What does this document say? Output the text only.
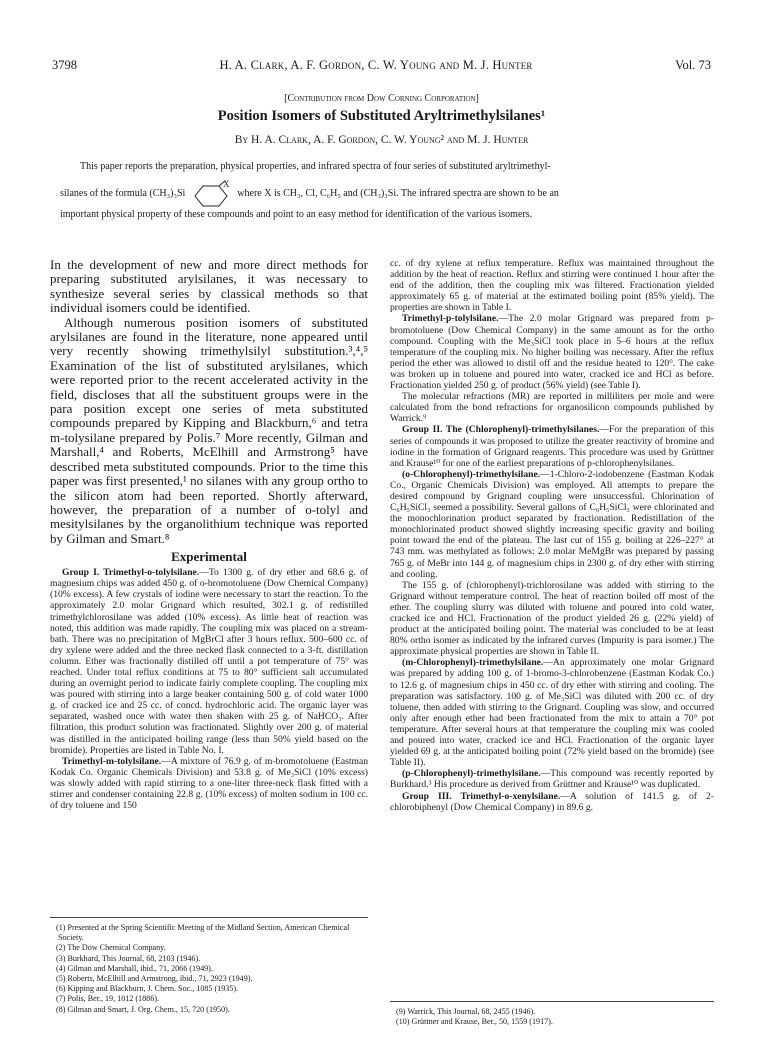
3798	H. A. Clark, A. F. Gordon, C. W. Young and M. J. Hunter	Vol. 73
[Contribution from Dow Corning Corporation]
Position Isomers of Substituted Aryltrimethylsilanes¹
By H. A. Clark, A. F. Gordon, C. W. Young² and M. J. Hunter
This paper reports the preparation, physical properties, and infrared spectra of four series of substituted aryltrimethyl-
silanes of the formula (CH₃)₃Si
X
where X is CH₃, Cl, C₆H₅ and (CH₃)₃Si. The infrared spectra are shown to be an
important physical property of these compounds and point to an easy method for identification of the various isomers.

In the development of new and more direct methods for preparing substituted arylsilanes, it was necessary to synthesize several series by classical methods so that individual isomers could be identified.

Although numerous position isomers of substituted arylsilanes are found in the literature, none appeared until very recently showing trimethylsilyl substitution.³,⁴,⁵ Examination of the list of substituted arylsilanes, which were reported prior to the recent accelerated activity in the field, discloses that all the substituent groups were in the para position except one series of meta substituted compounds prepared by Kipping and Blackburn,⁶ and tetra m-tolysilane prepared by Polis.⁷ More recently, Gilman and Marshall,⁴ and Roberts, McElhill and Armstrong⁵ have described meta substituted compounds. Prior to the time this paper was first presented,¹ no silanes with any group ortho to the silicon atom had been reported. Shortly afterward, however, the preparation of a number of o-tolyl and mesitylsilanes by the organolithium technique was reported by Gilman and Smart.⁸

Experimental

Group I. Trimethyl-o-tolylsilane.—To 1300 g. of dry ether and 68.6 g. of magnesium chips was added 450 g. of o-bromotoluene (Dow Chemical Company) (10% excess). A few crystals of iodine were necessary to start the reaction. To the approximately 2.0 molar Grignard which resulted, 302.1 g. of redistilled trimethylchlorosilane was added (10% excess). As little heat of reaction was noted, this addition was made rapidly. The coupling mix was placed on a stream-bath. There was no precipitation of MgBrCl after 3 hours reflux. 500–600 cc. of dry xylene were added and the three necked flask connected to a 3-ft. distillation column. Ether was fractionally distilled off until a pot temperature of 75° was reached. Under total reflux conditions at 75 to 80° sufficient salt accumulated during an overnight period to indicate fairly complete coupling. The coupling mix was poured with stirring into a large beaker containing 500 g. of cold water 1000 g. of cracked ice and 25 cc. of concd. hydrochloric acid. The organic layer was separated, washed once with water then shaken with 25 g. of NaHCO₃. After filtration, this product solution was fractionated. Slightly over 200 g. of material was distilled in the anticipated boiling range (less than 50% yield based on the bromide). Properties are listed in Table No. I.

Trimethyl-m-tolylsilane.—A mixture of 76.9 g. of m-bromotoluene (Eastman Kodak Co. Organic Chemicals Division) and 53.8 g. of Me₃SiCl (10% excess) was slowly added with rapid stirring to a one-liter three-neck flask fitted with a stirrer and condenser containing 22.8 g. (10% excess) of molten sodium in 100 cc. of dry toluene and 150

(1) Presented at the Spring Scientific Meeting of the Midland Section, American Chemical Society.

(2) The Dow Chemical Company.

(3) Burkhard, This Journal, 68, 2103 (1946).

(4) Gilman and Marshall, ibid., 71, 2066 (1949).

(5) Roberts, McElhill and Armstrong, ibid., 71, 2923 (1949).

(6) Kipping and Blackburn, J. Chem. Soc., 1085 (1935).

(7) Polis, Ber., 19, 1012 (1886).

(8) Gilman and Smart, J. Org. Chem., 15, 720 (1950).

cc. of dry xylene at reflux temperature. Reflux was maintained throughout the addition by the heat of reaction. Reflux and stirring were continued 1 hour after the end of the addition, then the coupling mix was filtered. Fractionation yielded approximately 65 g. of material at the estimated boiling point (85% yield). The properties are shown in Table I.

Trimethyl-p-tolylsilane.—The 2.0 molar Grignard was prepared from p-bromotoluene (Dow Chemical Company) in the same amount as for the ortho compound. Coupling with the Me₃SiCl took place in 5–6 hours at the reflux temperature of the coupling mix. No higher boiling was necessary. After the reflux period the ether was allowed to distil off and the residue heated to 120°. The cake was broken up in toluene and poured into water, cracked ice and HCl as before. Fractionation yielded 250 g. of product (56% yield) (see Table I).

The molecular refractions (MR) are reported in milliliters per mole and were calculated from the bond refractions for organosilicon compounds published by Warrick.⁹

Group II. The (Chlorophenyl)-trimethylsilanes.—For the preparation of this series of compounds it was proposed to utilize the greater reactivity of bromine and iodine in the formation of Grignard reagents. This procedure was used by Grüttner and Krause¹⁰ for one of the earliest preparations of p-chlorophenylsilanes.

(o-Chlorophenyl)-trimethylsilane.—1-Chloro-2-iodobenzene (Eastman Kodak Co., Organic Chemicals Division) was employed. All attempts to prepare the desired compound by Grignard coupling were unsuccessful. Chlorination of C₆H₅SiCl₃ seemed a possibility. Several gallons of C₆H₅SiCl₃ were chlorinated and the monochlorination product separated by fractionation. Redistillation of the monochlorinated product showed slightly increasing specific gravity and boiling point toward the end of the plateau. The last cut of 155 g. boiling at 226–227° at 743 mm. was methylated as follows: 2.0 molar MeMgBr was prepared by passing 765 g. of MeBr into 144 g. of magnesium chips in 2300 g. of dry ether with stirring and cooling.

The 155 g. of (chlorophenyl)-trichlorosilane was added with stirring to the Grignard without temperature control. The heat of reaction boiled off most of the ether. The coupling slurry was diluted with toluene and poured into cold water, cracked ice and HCl. Fractionation of the product yielded 26 g. (22% yield) of product at the anticipated boiling point. The material was concluded to be at least 80% ortho isomer as indicated by the infrared curves (Impurity is para isomer.) The approximate physical properties are shown in Table II.

(m-Chlorophenyl)-trimethylsilane.—An approximately one molar Grignard was prepared by adding 100 g. of 1-bromo-3-chlorobenzene (Eastman Kodak Co.) to 12.6 g. of magnesium chips in 450 cc. of dry ether with stirring and cooling. The preparation was satisfactory. 100 g. of Me₃SiCl was diluted with 200 cc. of dry toluene, then added with stirring to the Grignard. Coupling was slow, and occurred only after enough ether had been fractionated from the mix to attain a 70° pot temperature. After several hours at that temperature the coupling mix was cooled and poured into water, cracked ice and HCl. Fractionation of the organic layer yielded 69 g. at the anticipated boiling point (72% yield based on the bromide) (see Table II).

(p-Chlorophenyl)-trimethylsilane.—This compound was recently reported by Burkhard.³ His procedure as derived from Grüttner and Krause¹⁰ was duplicated.

Group III. Trimethyl-o-xenylsilane.—A solution of 141.5 g. of 2-chlorobiphenyl (Dow Chemical Company) in 89.6 g.

(9) Warrick, This Journal, 68, 2455 (1946).

(10) Grüttner and Krause, Ber., 50, 1559 (1917).
